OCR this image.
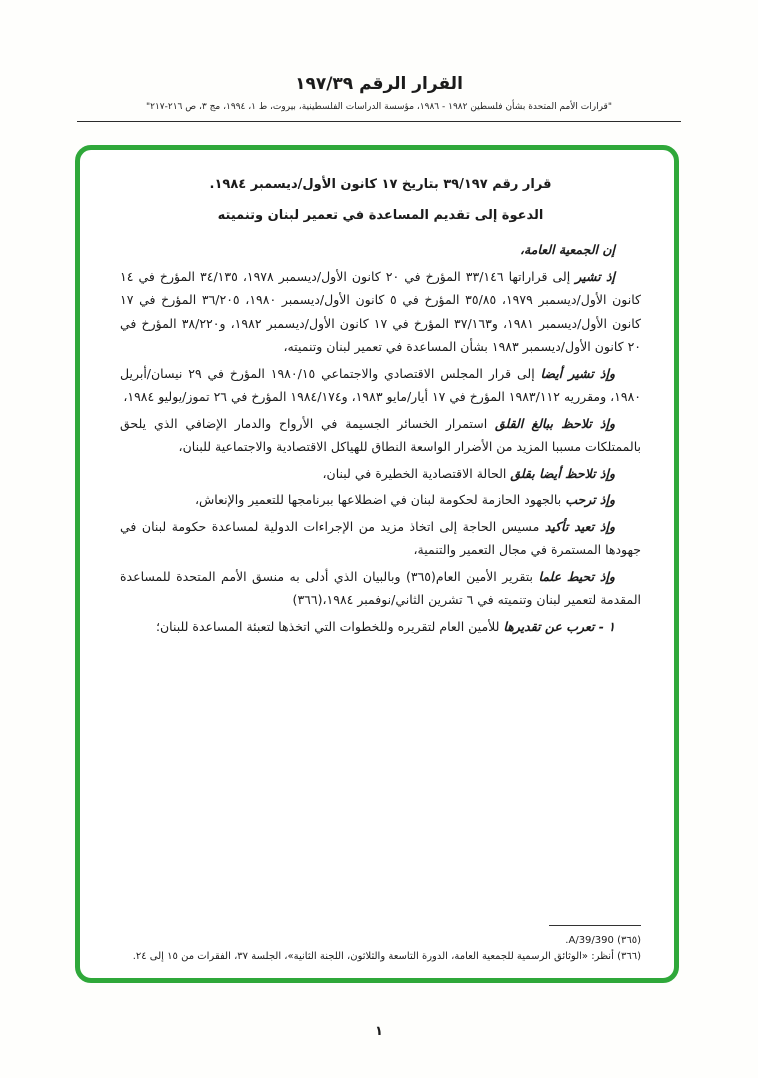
القرار الرقم ١٩٧/٣٩
"قرارات الأمم المتحدة بشأن فلسطين ١٩٨٢ - ١٩٨٦، مؤسسة الدراسات الفلسطينية، بيروت، ط ١، ١٩٩٤، مج ٣، ص ٢١٦-٢١٧"
قرار رقم ٣٩/١٩٧ بتاريخ ١٧ كانون الأول/ديسمبر ١٩٨٤.
الدعوة إلى تقديم المساعدة في تعمير لبنان وتنميته

إن الجمعية العامة،

إذ تشير إلى قراراتها ٣٣/١٤٦ المؤرخ في ٢٠ كانون الأول/ديسمبر ١٩٧٨، ٣٤/١٣٥ المؤرخ في ١٤ كانون الأول/ديسمبر ١٩٧٩، ٣٥/٨٥ المؤرخ في ٥ كانون الأول/ديسمبر ١٩٨٠، ٣٦/٢٠٥ المؤرخ في ١٧ كانون الأول/ديسمبر ١٩٨١، و٣٧/١٦٣ المؤرخ في ١٧ كانون الأول/ديسمبر ١٩٨٢، و٣٨/٢٢٠ المؤرخ في ٢٠ كانون الأول/ديسمبر ١٩٨٣ بشأن المساعدة في تعمير لبنان وتنميته،

وإذ تشير أيضا إلى قرار المجلس الاقتصادي والاجتماعي ١٩٨٠/١٥ المؤرخ في ٢٩ نيسان/أبريل ١٩٨٠، ومقرريه ١٩٨٣/١١٢ المؤرخ في ١٧ أيار/مايو ١٩٨٣، و١٩٨٤/١٧٤ المؤرخ في ٢٦ تموز/يوليو ١٩٨٤،

وإذ تلاحظ ببالغ القلق استمرار الخسائر الجسيمة في الأرواح والدمار الإضافي الذي يلحق بالممتلكات مسببا المزيد من الأضرار الواسعة النطاق للهياكل الاقتصادية والاجتماعية للبنان،

وإذ تلاحظ أيضا بقلق الحالة الاقتصادية الخطيرة في لبنان،

وإذ ترحب بالجهود الحازمة لحكومة لبنان في اضطلاعها ببرنامجها للتعمير والإنعاش،

وإذ تعيد تأكيد مسيس الحاجة إلى اتخاذ مزيد من الإجراءات الدولية لمساعدة حكومة لبنان في جهودها المستمرة في مجال التعمير والتنمية،

وإذ تحيط علما بتقرير الأمين العام(٣٦٥) وبالبيان الذي أدلى به منسق الأمم المتحدة للمساعدة المقدمة لتعمير لبنان وتنميته في ٦ تشرين الثاني/نوفمبر ١٩٨٤،(٣٦٦)

١ - تعرب عن تقديرها للأمين العام لتقريره وللخطوات التي اتخذها لتعبئة المساعدة للبنان؛

(٣٦٥) A/39/390.
(٣٦٦) أنظر: «الوثائق الرسمية للجمعية العامة، الدورة التاسعة والثلاثون، اللجنة الثانية»، الجلسة ٣٧، الفقرات من ١٥ إلى ٢٤.
١
